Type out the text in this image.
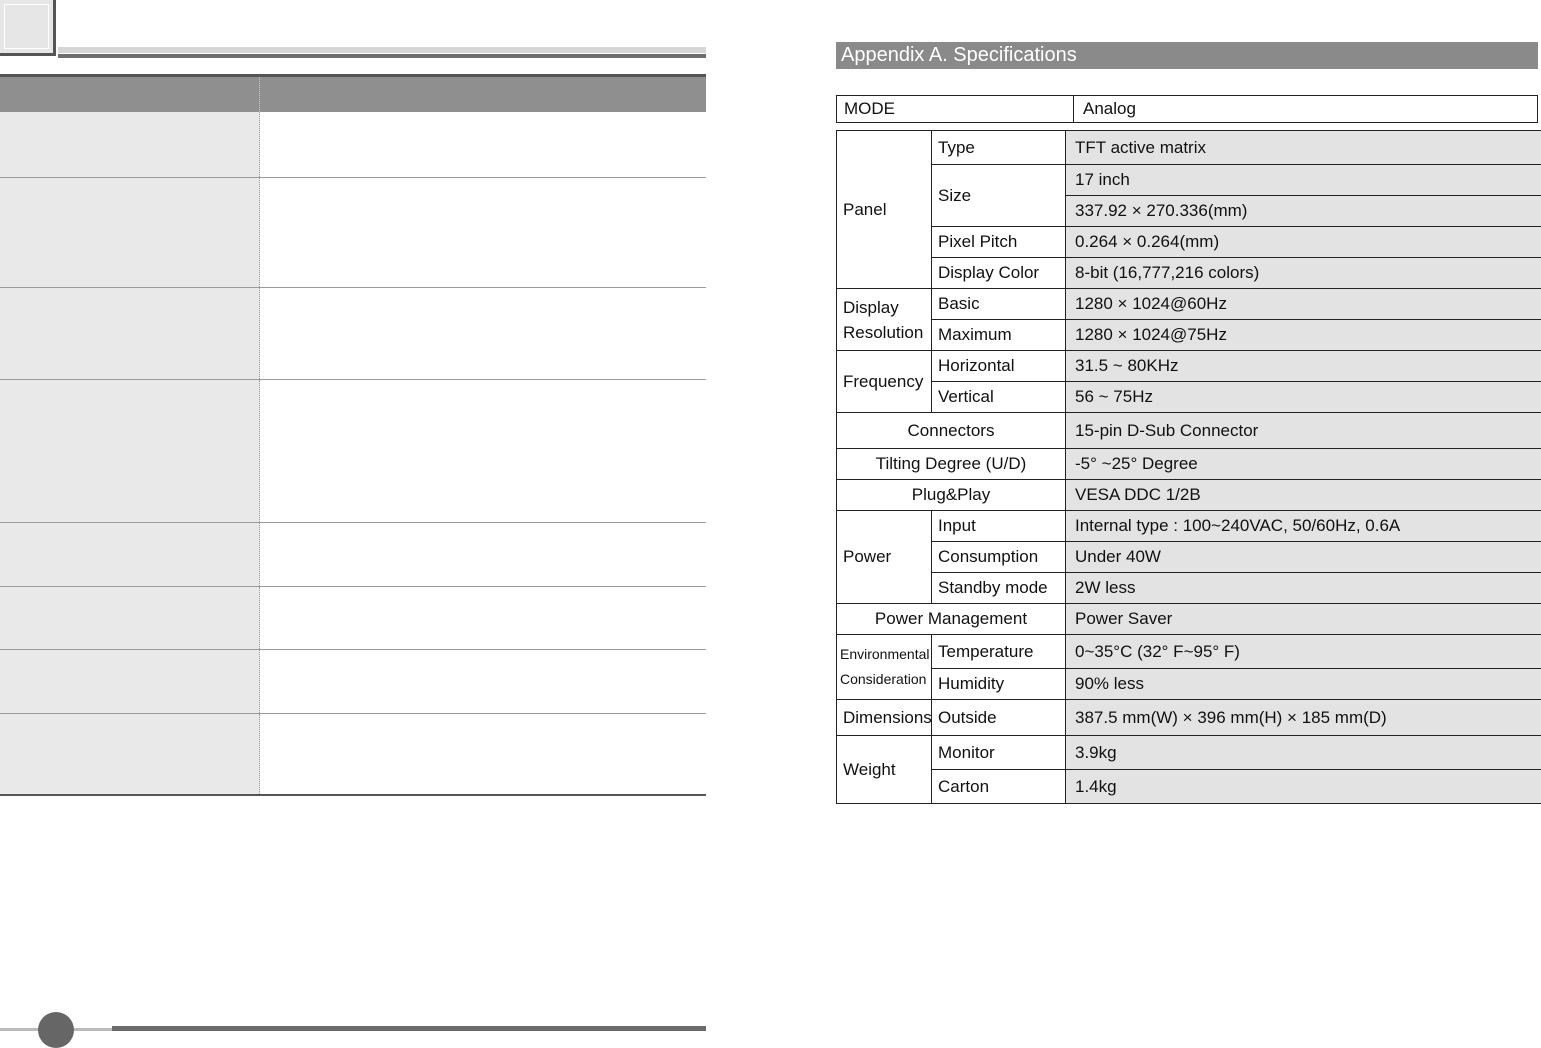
Appendix A. Specifications
MODE	Analog
Panel	Type	TFT active matrix
	Size	17 inch
		337.92 × 270.336(mm)
	Pixel Pitch	0.264 × 0.264(mm)
	Display Color	8-bit (16,777,216 colors)
Display
Resolution	Basic	1280 × 1024@60Hz
	Maximum	1280 × 1024@75Hz
Frequency	Horizontal	31.5 ~ 80KHz
	Vertical	56 ~ 75Hz
Connectors		15-pin D-Sub Connector
Tilting Degree (U/D)		-5° ~25° Degree
Plug&Play		VESA DDC 1/2B
Power	Input	Internal type : 100~240VAC, 50/60Hz, 0.6A
	Consumption	Under 40W
	Standby mode	2W less
Power Management		Power Saver
Environmental
Consideration	Temperature	0~35°C (32° F~95° F)
	Humidity	90% less
Dimensions	Outside	387.5 mm(W) × 396 mm(H) × 185 mm(D)
Weight	Monitor	3.9kg
	Carton	1.4kg
